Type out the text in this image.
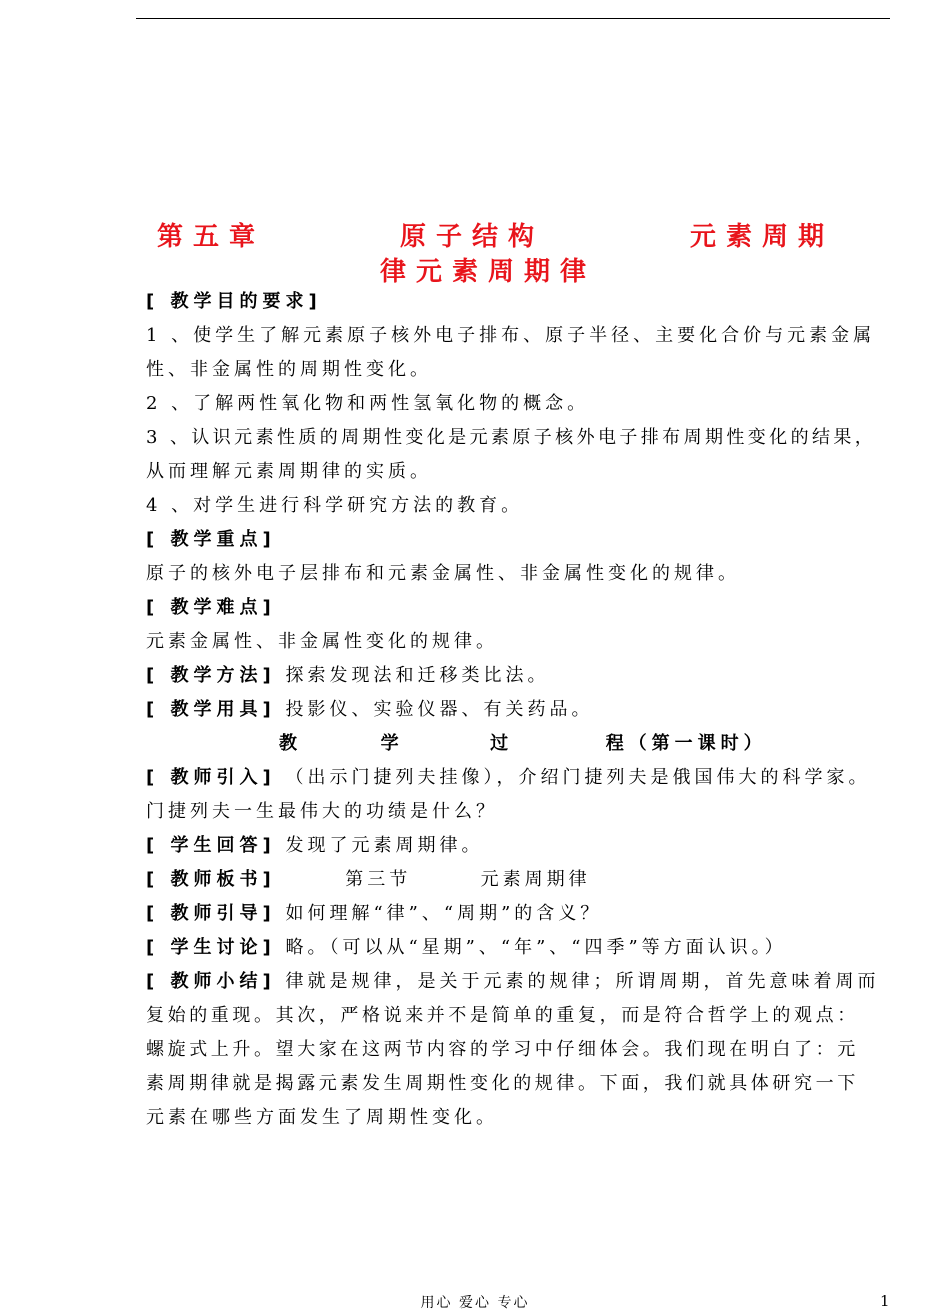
第五章	原子结构	元素周期
律元素周期律
[ 教学目的要求]
1 、使学生了解元素原子核外电子排布、原子半径、主要化合价与元素金属
性、非金属性的周期性变化。
2 、了解两性氧化物和两性氢氧化物的概念。
3 、认识元素性质的周期性变化是元素原子核外电子排布周期性变化的结果，
从而理解元素周期律的实质。
4 、对学生进行科学研究方法的教育。
[ 教学重点]
原子的核外电子层排布和元素金属性、非金属性变化的规律。
[ 教学难点]
元素金属性、非金属性变化的规律。
[ 教学方法] 探索发现法和迁移类比法。
[ 教学用具] 投影仪、实验仪器、有关药品。
教	学	过	程（第一课时）
[ 教师引入] （出示门捷列夫挂像），介绍门捷列夫是俄国伟大的科学家。
门捷列夫一生最伟大的功绩是什么？
[ 学生回答] 发现了元素周期律。
[ 教师板书]	第三节	元素周期律
[ 教师引导] 如何理解“律”、“周期”的含义？
[ 学生讨论] 略。（可以从“星期”、“年”、“四季”等方面认识。）
[ 教师小结] 律就是规律，是关于元素的规律；所谓周期，首先意味着周而
复始的重现。其次，严格说来并不是简单的重复，而是符合哲学上的观点：
螺旋式上升。望大家在这两节内容的学习中仔细体会。我们现在明白了：元
素周期律就是揭露元素发生周期性变化的规律。下面，我们就具体研究一下
元素在哪些方面发生了周期性变化。
用心 爱心 专心	1
